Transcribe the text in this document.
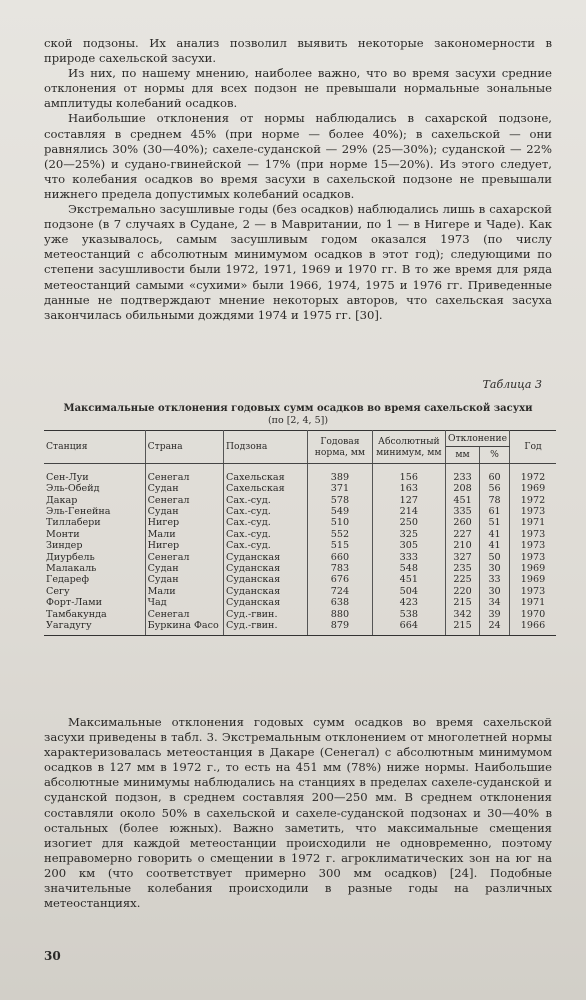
ской подзоны. Их анализ позволил выявить некоторые закономерности в природе сахельской засухи.

Из них, по нашему мнению, наиболее важно, что во время засухи средние отклонения от нормы для всех подзон не превышали нормальные зональные амплитуды колебаний осадков.

Наибольшие отклонения от нормы наблюдались в сахарской подзоне, составляя в среднем 45% (при норме — более 40%); в сахельской — они равнялись 30% (30—40%); сахеле-суданской — 29% (25—30%); суданской — 22% (20—25%) и судано-гвинейской — 17% (при норме 15—20%). Из этого следует, что колебания осадков во время засухи в сахельской подзоне не превышали нижнего предела допустимых колебаний осадков.

Экстремально засушливые годы (без осадков) наблюдались лишь в сахарской подзоне (в 7 случаях в Судане, 2 — в Мавритании, по 1 — в Нигере и Чаде). Как уже указывалось, самым засушливым годом оказался 1973 (по числу метеостанций с абсолютным минимумом осадков в этот год); следующими по степени засушливости были 1972, 1971, 1969 и 1970 гг. В то же время для ряда метеостанций самыми «сухими» были 1966, 1974, 1975 и 1976 гг. Приведенные данные не подтверждают мнение некоторых авторов, что сахельская засуха закончилась обильными дождями 1974 и 1975 гг. [30].

Таблица 3
Максимальные отклонения годовых сумм осадков во время сахельской засухи
(по [2, 4, 5])
Станция	Страна	Подзона	Годовая норма, мм	Абсолютный минимум, мм	Отклонение		Год
					мм	%	
Сен-Луи	Сенегал	Сахельская	389	156	233	60	1972
Эль-Обейд	Судан	Сахельская	371	163	208	56	1969
Дакар	Сенегал	Сах.-суд.	578	127	451	78	1972
Эль-Генейна	Судан	Сах.-суд.	549	214	335	61	1973
Тиллабери	Нигер	Сах.-суд.	510	250	260	51	1971
Монти	Мали	Сах.-суд.	552	325	227	41	1973
Зиндер	Нигер	Сах.-суд.	515	305	210	41	1973
Диурбель	Сенегал	Суданская	660	333	327	50	1973
Малакаль	Судан	Суданская	783	548	235	30	1969
Гедареф	Судан	Суданская	676	451	225	33	1969
Сегу	Мали	Суданская	724	504	220	30	1973
Форт-Лами	Чад	Суданская	638	423	215	34	1971
Тамбакунда	Сенегал	Суд.-гвин.	880	538	342	39	1970
Уагадугу	Буркина Фасо	Суд.-гвин.	879	664	215	24	1966

Максимальные отклонения годовых сумм осадков во время сахельской засухи приведены в табл. 3. Экстремальным отклонением от многолетней нормы характеризовалась метеостанция в Дакаре (Сенегал) с абсолютным минимумом осадков в 127 мм в 1972 г., то есть на 451 мм (78%) ниже нормы. Наибольшие абсолютные минимумы наблюдались на станциях в пределах сахеле-суданской и суданской подзон, в среднем составляя 200—250 мм. В среднем отклонения составляли около 50% в сахельской и сахеле-суданской подзонах и 30—40% в остальных (более южных). Важно заметить, что максимальные смещения изогиет для каждой метеостанции происходили не одновременно, поэтому неправомерно говорить о смещении в 1972 г. агроклиматических зон на юг на 200 км (что соответствует примерно 300 мм осадков) [24]. Подобные значительные колебания происходили в разные годы на различных метеостанциях.

30
